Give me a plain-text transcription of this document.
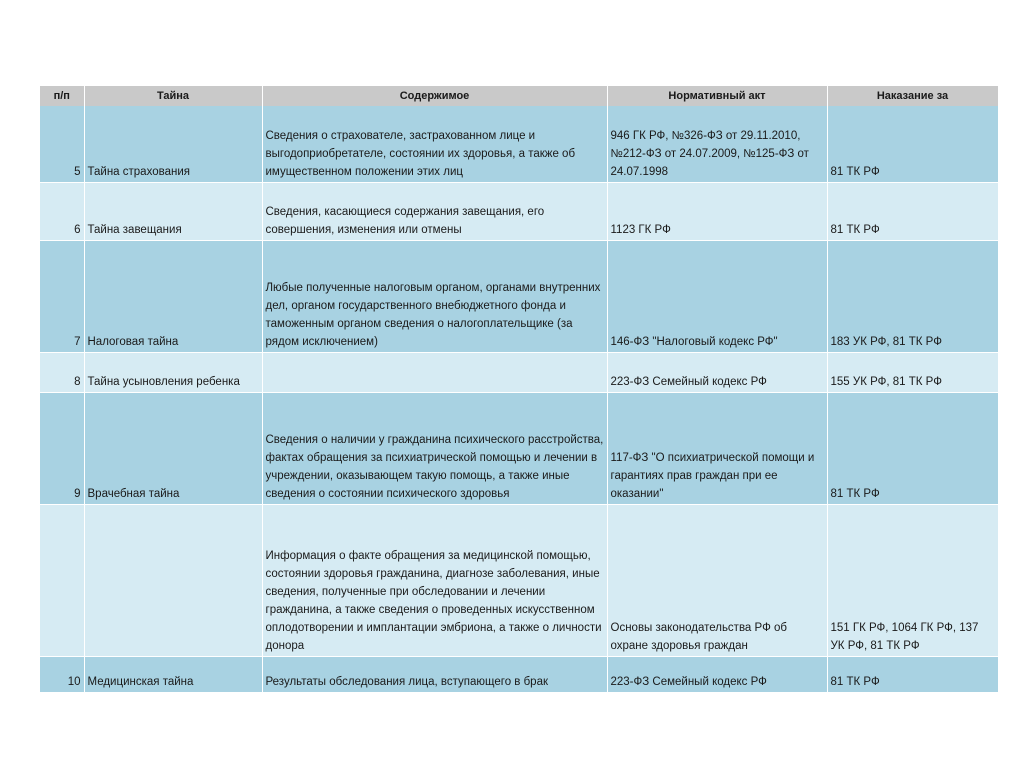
п/п	Тайна	Содержимое	Нормативный акт	Наказание за
5	Тайна страхования	Сведения о страхователе, застрахованном лице и выгодоприобретателе, состоянии их здоровья, а также об имущественном положении этих лиц	946 ГК РФ, №326-ФЗ от 29.11.2010, №212-ФЗ от 24.07.2009, №125-ФЗ от 24.07.1998	81 ТК РФ
6	Тайна завещания	Сведения, касающиеся содержания завещания, его совершения, изменения или отмены	1123 ГК РФ	81 ТК РФ
7	Налоговая тайна	Любые полученные налоговым органом, органами внутренних дел, органом государственного внебюджетного фонда и таможенным органом сведения о налогоплательщике (за рядом исключением)	146-ФЗ "Налоговый кодекс РФ"	183 УК РФ, 81 ТК РФ
8	Тайна усыновления ребенка		223-ФЗ Семейный кодекс РФ	155 УК РФ, 81 ТК РФ
9	Врачебная тайна	Сведения о наличии у гражданина психического расстройства, фактах обращения за психиатрической помощью и лечении в учреждении, оказывающем такую помощь, а также иные сведения о состоянии психического здоровья	117-ФЗ "О психиатрической помощи и гарантиях прав граждан при ее оказании"	81 ТК РФ
		Информация о факте обращения за медицинской помощью, состоянии здоровья гражданина, диагнозе заболевания, иные сведения, полученные при обследовании и лечении гражданина, а также сведения о проведенных искусственном оплодотворении и имплантации эмбриона, а также о личности донора	Основы законодательства РФ об охране здоровья граждан	151 ГК РФ, 1064 ГК РФ, 137 УК РФ, 81 ТК РФ
10	Медицинская тайна	Результаты обследования лица, вступающего в брак	223-ФЗ Семейный кодекс РФ	81 ТК РФ
